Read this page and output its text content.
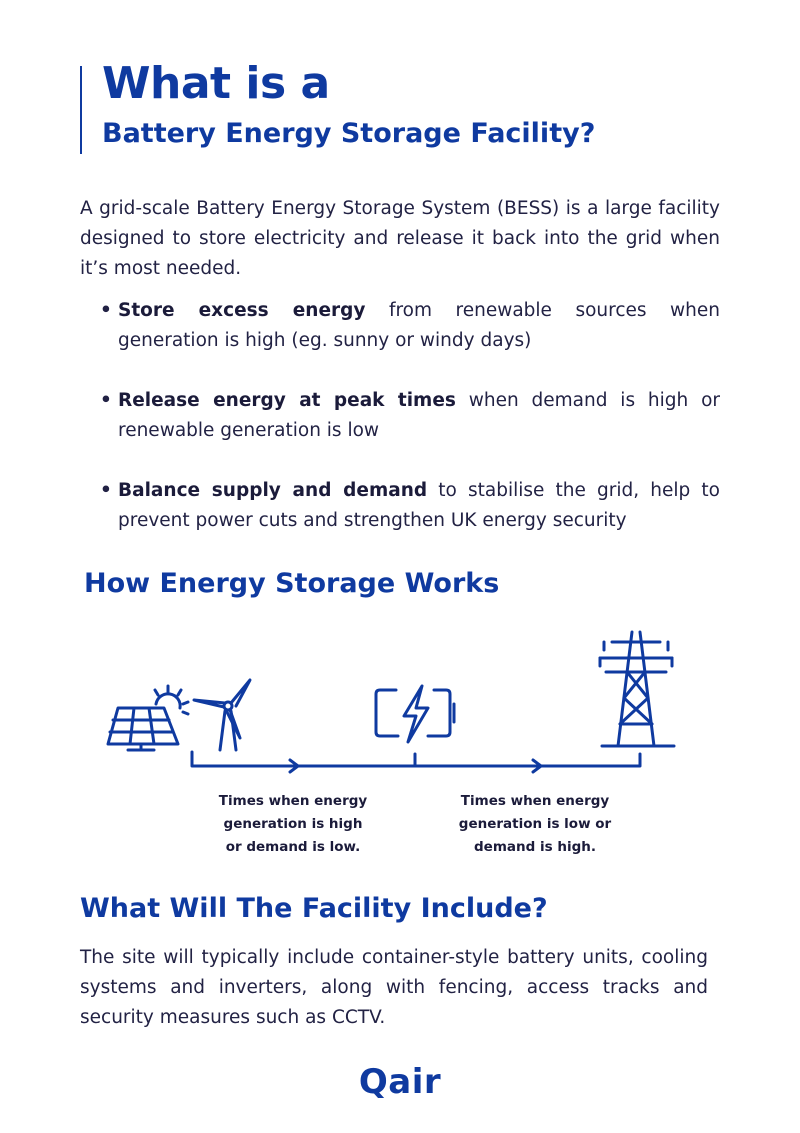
What is a
Battery Energy Storage Facility?
A grid-scale Battery Energy Storage System (BESS) is a large facility designed to store electricity and release it back into the grid when it’s most needed.
• Store excess energy from renewable sources when generation is high (eg. sunny or windy days)
• Release energy at peak times when demand is high or renewable generation is low
• Balance supply and demand to stabilise the grid, help to prevent power cuts and strengthen UK energy security
How Energy Storage Works
Times when energy
generation is high
or demand is low.
Times when energy
generation is low or
demand is high.
What Will The Facility Include?
The site will typically include container-style battery units, cooling systems and inverters, along with fencing, access tracks and security measures such as CCTV.
Qair
